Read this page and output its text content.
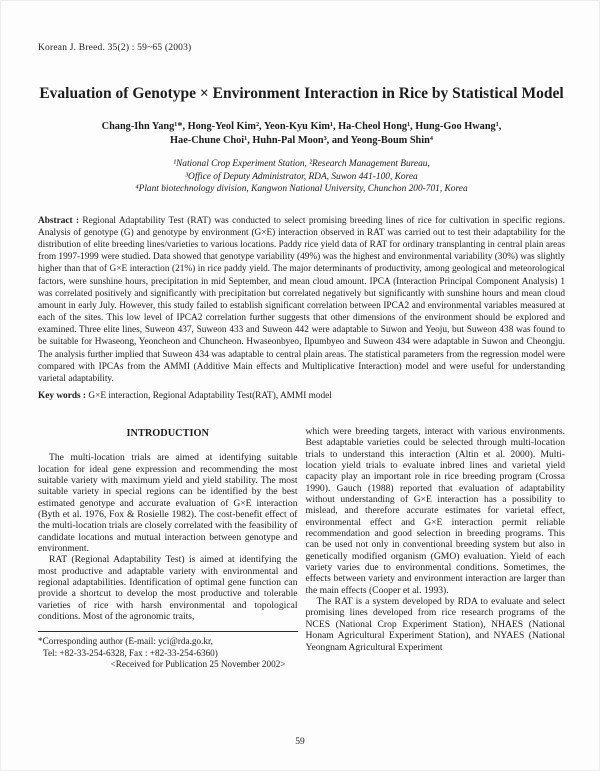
Korean J. Breed. 35(2) : 59~65 (2003)
Evaluation of Genotype × Environment Interaction in Rice by Statistical Model
Chang-Ihn Yang¹*, Hong-Yeol Kim², Yeon-Kyu Kim¹, Ha-Cheol Hong¹, Hung-Goo Hwang¹,
Hae-Chune Choi¹, Huhn-Pal Moon³, and Yeong-Boum Shin⁴
¹National Crop Experiment Station, ²Research Management Bureau,
³Office of Deputy Administrator, RDA, Suwon 441-100, Korea
⁴Plant biotechnology division, Kangwon National University, Chunchon 200-701, Korea
Abstract : Regional Adaptability Test (RAT) was conducted to select promising breeding lines of rice for cultivation in specific regions. Analysis of genotype (G) and genotype by environment (G×E) interaction observed in RAT was carried out to test their adaptability for the distribution of elite breeding lines/varieties to various locations. Paddy rice yield data of RAT for ordinary transplanting in central plain areas from 1997-1999 were studied. Data showed that genotype variability (49%) was the highest and environmental variability (30%) was slightly higher than that of G×E interaction (21%) in rice paddy yield. The major determinants of productivity, among geological and meteorological factors, were sunshine hours, precipitation in mid September, and mean cloud amount. IPCA (Interaction Principal Component Analysis) 1 was correlated positively and significantly with precipitation but correlated negatively but significantly with sunshine hours and mean cloud amount in early July. However, this study failed to establish significant correlation between IPCA2 and environmental variables measured at each of the sites. This low level of IPCA2 correlation further suggests that other dimensions of the environment should be explored and examined. Three elite lines, Suweon 437, Suweon 433 and Suweon 442 were adaptable to Suwon and Yeoju, but Suweon 438 was found to be suitable for Hwaseong, Yeoncheon and Chuncheon. Hwaseonbyeo, Ilpumbyeo and Suweon 434 were adaptable in Suwon and Cheongju. The analysis further implied that Suweon 434 was adaptable to central plain areas. The statistical parameters from the regression model were compared with IPCAs from the AMMI (Additive Main effects and Multiplicative Interaction) model and were useful for understanding varietal adaptability.
Key words : G×E interaction, Regional Adaptability Test(RAT), AMMI model
INTRODUCTION

The multi-location trials are aimed at identifying suitable location for ideal gene expression and recommending the most suitable variety with maximum yield and yield stability. The most suitable variety in special regions can be identified by the best estimated genotype and accurate evaluation of G×E interaction (Byth et al. 1976, Fox & Rosielle 1982). The cost-benefit effect of the multi-location trials are closely correlated with the feasibility of candidate locations and mutual interaction between genotype and environment.

RAT (Regional Adaptability Test) is aimed at identifying the most productive and adaptable variety with environmental and regional adaptabilities. Identification of optimal gene function can provide a shortcut to develop the most productive and tolerable varieties of rice with harsh environmental and topological conditions. Most of the agronomic traits,

*Corresponding author (E-mail: yci@rda.go.kr,
Tel: +82-33-254-6328, Fax : +82-33-254-6360)
<Received for Publication 25 November 2002>

which were breeding targets, interact with various environments. Best adaptable varieties could be selected through multi-location trials to understand this interaction (Altin et al. 2000). Multi-location yield trials to evaluate inbred lines and varietal yield capacity play an important role in rice breeding program (Crossa 1990). Gauch (1988) reported that evaluation of adaptability without understanding of G×E interaction has a possibility to mislead, and therefore accurate estimates for varietal effect, environmental effect and G×E interaction permit reliable recommendation and good selection in breeding programs. This can be used not only in conventional breeding system but also in genetically modified organism (GMO) evaluation. Yield of each variety varies due to environmental conditions. Sometimes, the effects between variety and environment interaction are larger than the main effects (Cooper et al. 1993).

The RAT is a system developed by RDA to evaluate and select promising lines developed from rice research programs of the NCES (National Crop Experiment Station), NHAES (National Honam Agricultural Experiment Station), and NYAES (National Yeongnam Agricultural Experiment

59
